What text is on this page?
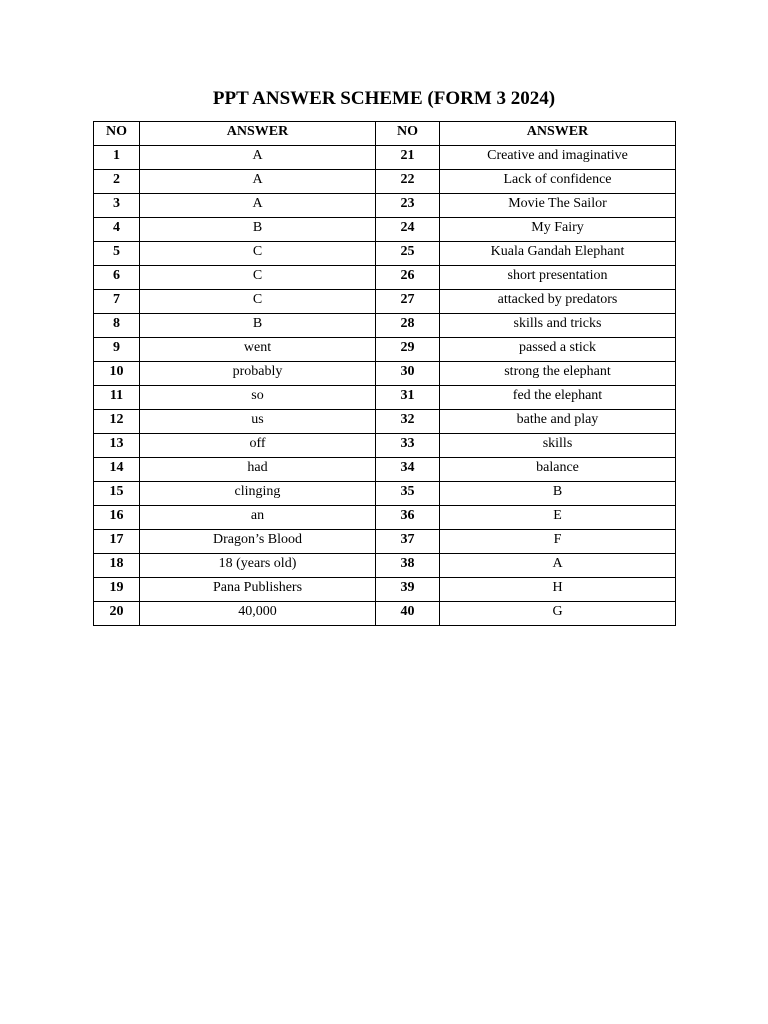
PPT ANSWER SCHEME (FORM 3 2024)
NO	ANSWER	NO	ANSWER
1	A	21	Creative and imaginative
2	A	22	Lack of confidence
3	A	23	Movie The Sailor
4	B	24	My Fairy
5	C	25	Kuala Gandah Elephant
6	C	26	short presentation
7	C	27	attacked by predators
8	B	28	skills and tricks
9	went	29	passed a stick
10	probably	30	strong the elephant
11	so	31	fed the elephant
12	us	32	bathe and play
13	off	33	skills
14	had	34	balance
15	clinging	35	B
16	an	36	E
17	Dragon’s Blood	37	F
18	18 (years old)	38	A
19	Pana Publishers	39	H
20	40,000	40	G
